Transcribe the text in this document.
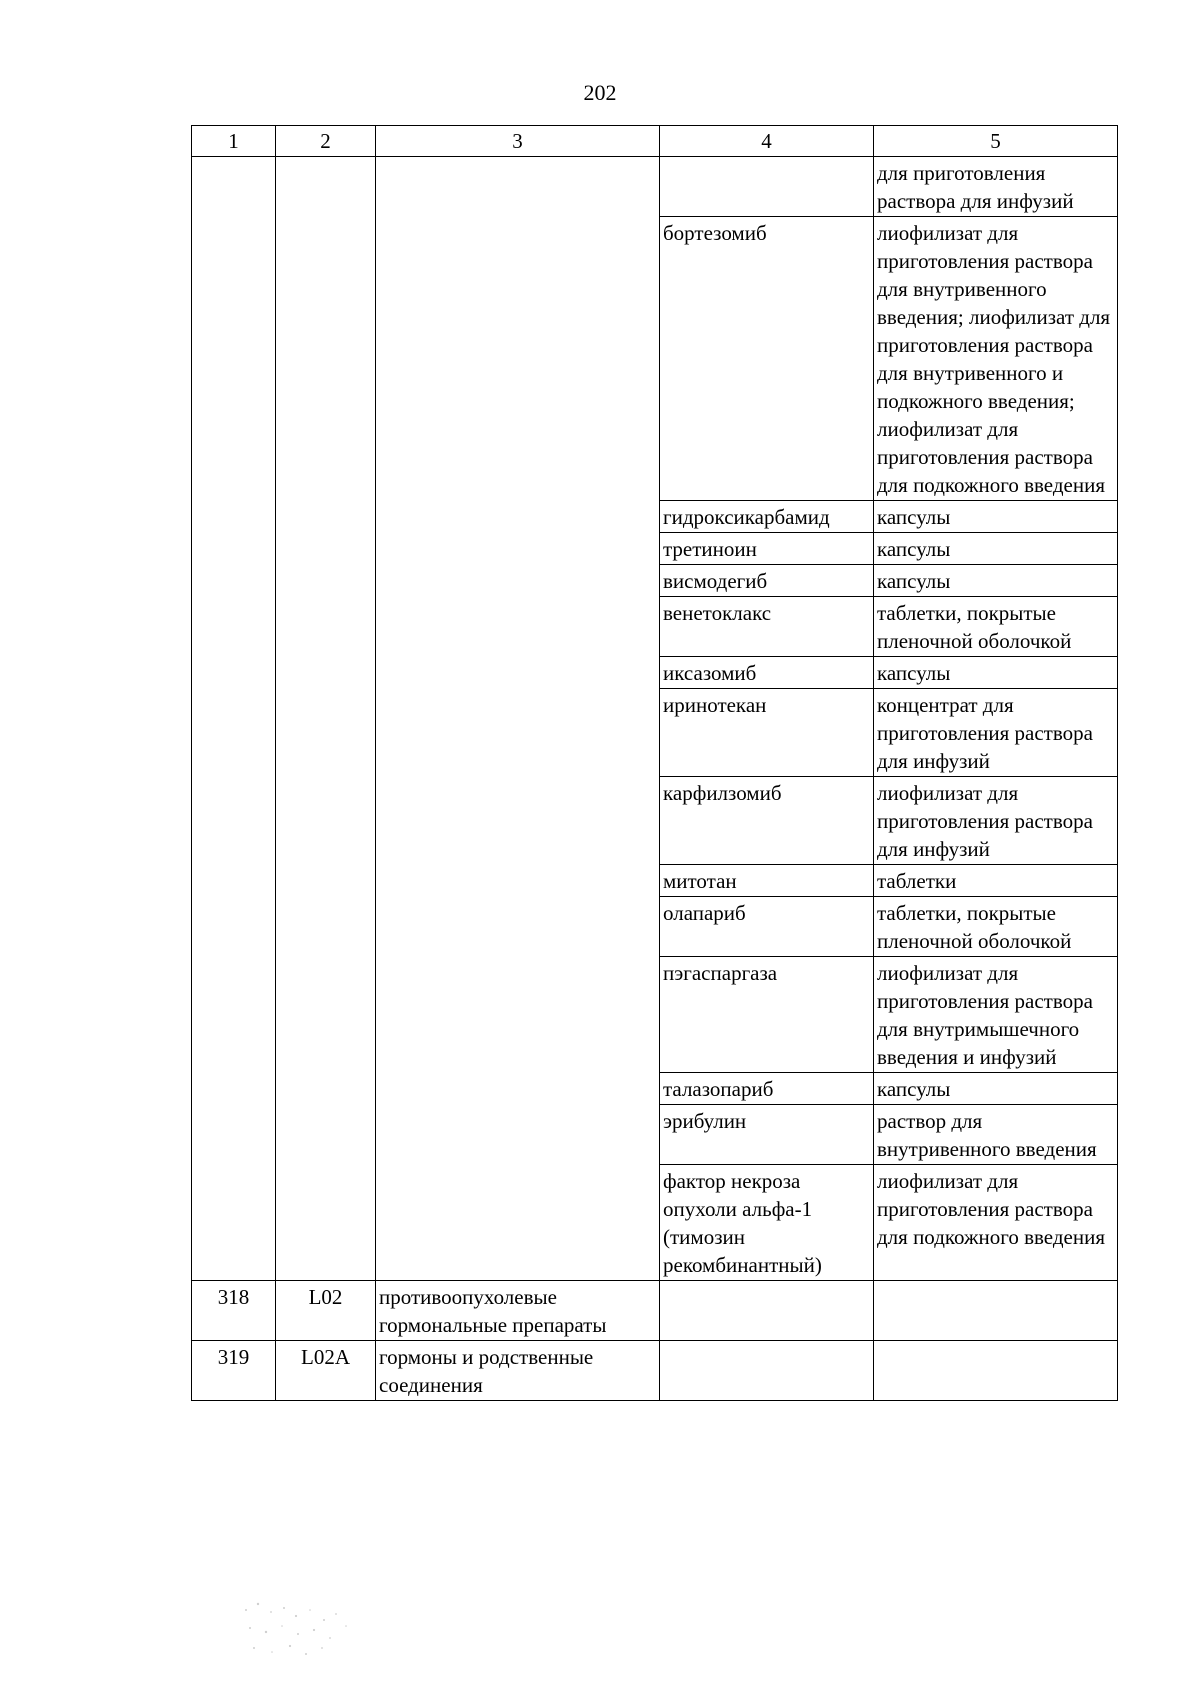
202
1	2	3	4	5
				для приготовления раствора для инфузий
			бортезомиб	лиофилизат для приготовления раствора для внутривенного введения; лиофилизат для приготовления раствора для внутривенного и подкожного введения; лиофилизат для приготовления раствора для подкожного введения
			гидроксикарбамид	капсулы
			третиноин	капсулы
			висмодегиб	капсулы
			венетоклакс	таблетки, покрытые пленочной оболочкой
			иксазомиб	капсулы
			иринотекан	концентрат для приготовления раствора для инфузий
			карфилзомиб	лиофилизат для приготовления раствора для инфузий
			митотан	таблетки
			олапариб	таблетки, покрытые пленочной оболочкой
			пэгаспаргаза	лиофилизат для приготовления раствора для внутримышечного введения и инфузий
			талазопариб	капсулы
			эрибулин	раствор для внутривенного введения
			фактор некроза опухоли альфа-1 (тимозин рекомбинантный)	лиофилизат для приготовления раствора для подкожного введения
318	L02	противоопухолевые гормональные препараты		
319	L02A	гормоны и родственные соединения		
